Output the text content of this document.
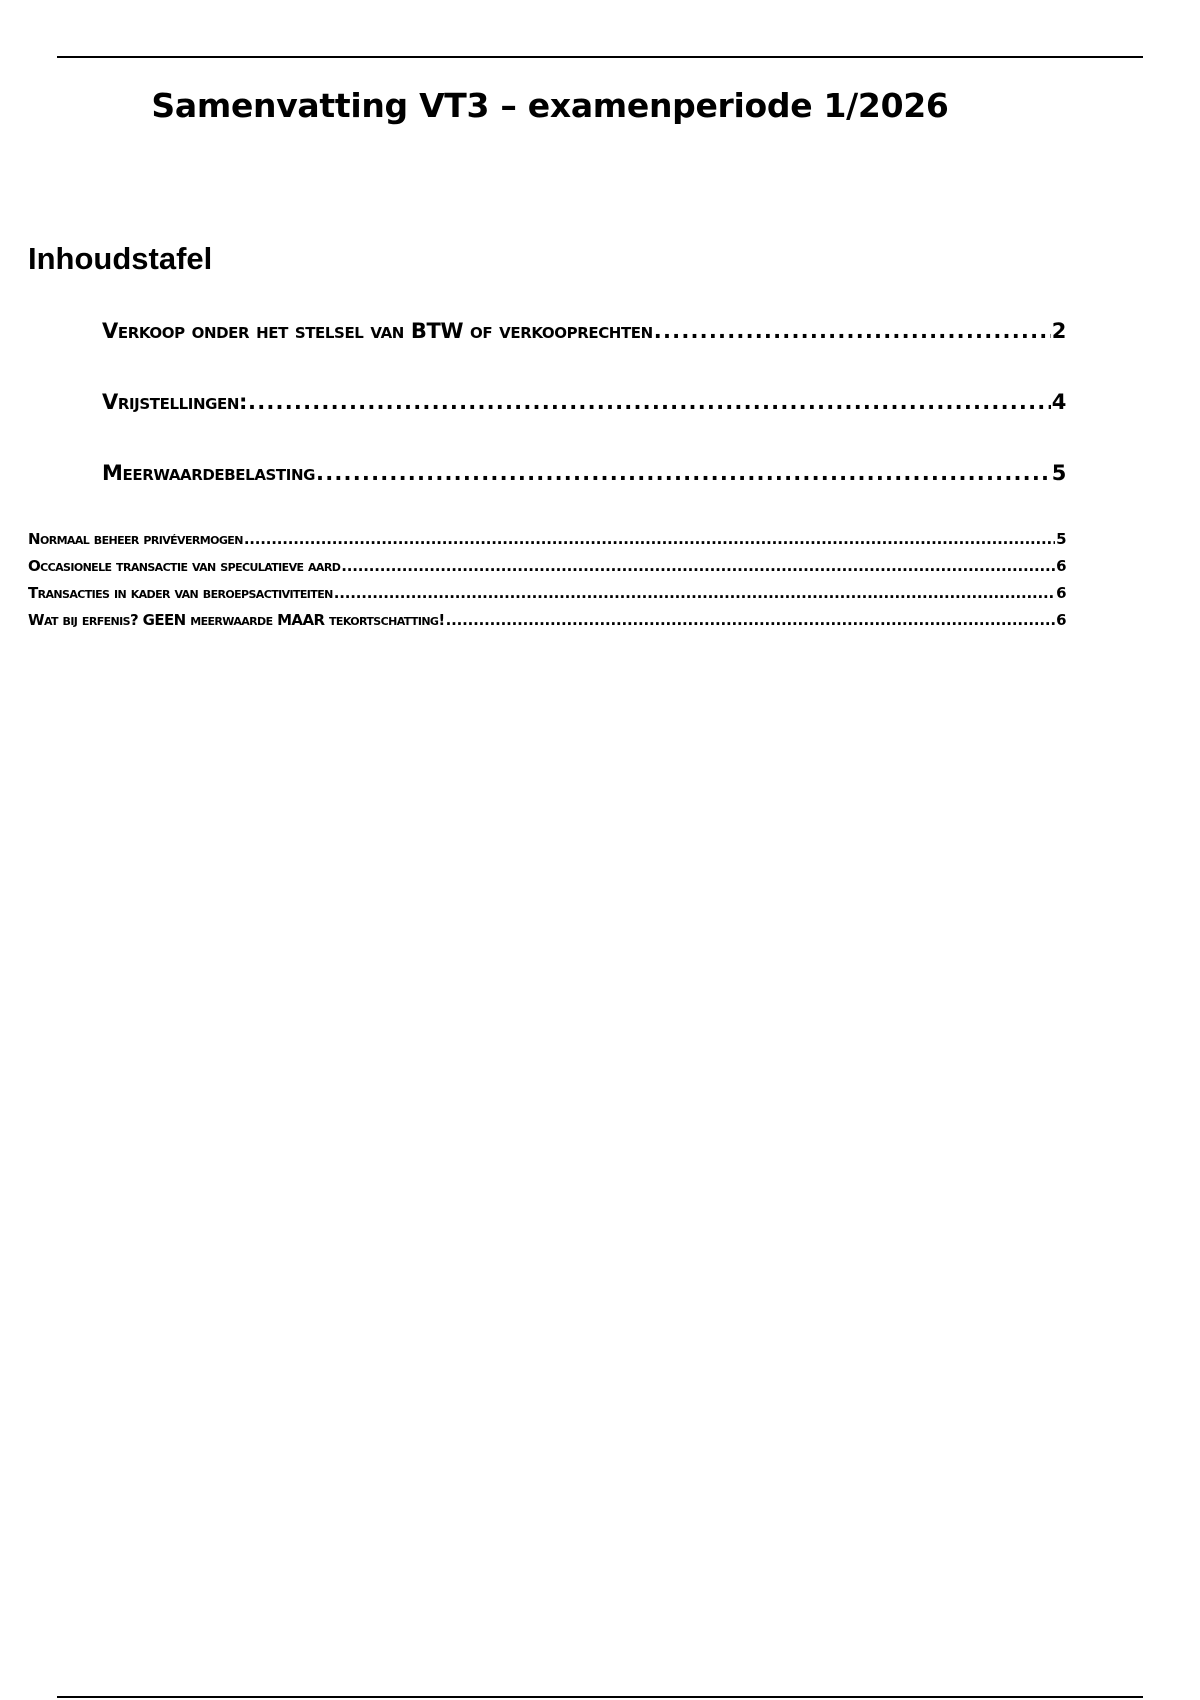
Samenvatting VT3 – examenperiode 1/2026
Inhoudstafel
Verkoop onder het stelsel van BTW of verkooprechten .....	2
Vrijstellingen: .....	4
Meerwaardebelasting .....	5
Normaal beheer privévermogen .....	5
Occasionele transactie van speculatieve aard .....	6
Transacties in kader van beroepsactiviteiten .....	6
Wat bij erfenis? GEEN meerwaarde MAAR tekortschatting! .....	6
